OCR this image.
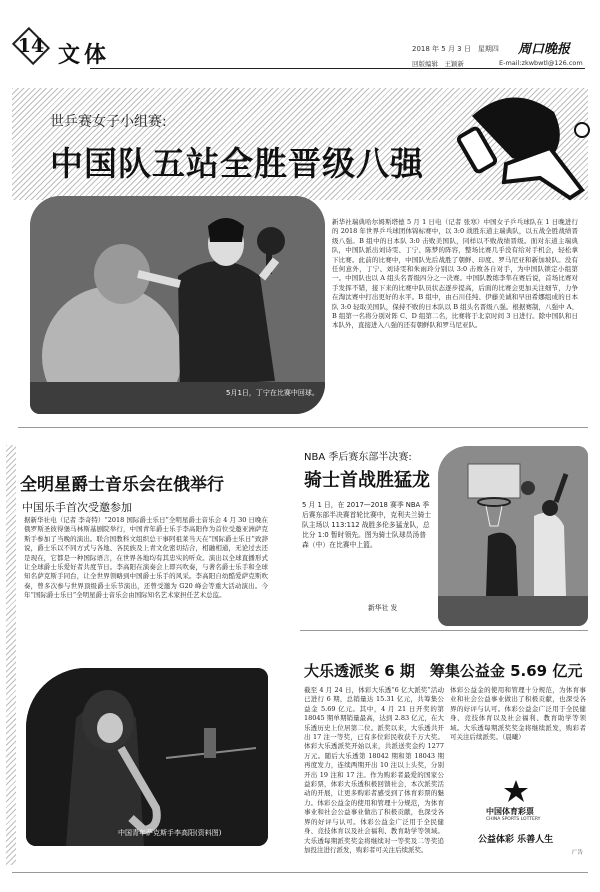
14 文体	2018 年 5 月 3 日　星期四 周口晚报
回版编辑　王颖新	E-mail:zkwbwtl@126.com
世乒赛女子小组赛:
中国队五站全胜晋级八强
5月1日，丁宁在比赛中回球。
新华社瑞典哈尔姆斯塔德 5 月 1 日电（记者 张寒）中国女子乒乓球队在 1 日晚进行的 2018 年世界乒乓球团体锦标赛中，以 3:0 战胜东道主瑞典队，以五战全胜战绩晋级八强。B 组中的日本队 3:0 击败美国队，同样以不败战绩晋级。面对东道主瑞典队，中国队派出刘诗雯、丁宁、陈梦的阵容，整场比赛几乎没有给对手机会，轻松拿下比赛。此前的比赛中，中国队先后战胜了朝鲜、印度、罗马尼亚和新加坡队。没有任何意外，丁宁、刘诗雯和朱雨玲分别以 3:0 击败各自对手，为中国队锁定小组第一。中国队也以 A 组头名晋级四分之一决赛。中国队教练李隼在赛后说，首场比赛对手发挥不错，接下来的比赛中队员状态逐步提高，后面的比赛会更加关注细节，力争在淘汰赛中打出更好的水平。B 组中，由石川佳纯、伊藤美诚和早田希娜组成的日本队 3:0 轻取美国队，保持不败的日本队以 B 组头名晋级八强。根据赛制，八强中 A、B 组第一名将分别对阵 C、D 组第二名，比赛将于北京时间 3 日进行。除中国队和日本队外，直接进入八强的还有朝鲜队和罗马尼亚队。
全明星爵士音乐会在俄举行
中国乐手首次受邀参加
据新华社电（记者 李奇特）“2018 国际爵士乐日”全明星爵士音乐会 4 月 30 日晚在俄罗斯圣彼得堡马林斯基剧院举行，中国青年爵士乐手李高阳作为首位受邀亚洲萨克斯手参加了当晚的演出。联合国教科文组织总干事阿祖莱当天在“国际爵士乐日”致辞说，爵士乐以不同方式与各地、各民族及上青文化密切结合，相融相通，无论过去还是现在，它都是一种国际语言，在世界各地均有其忠实的听众。演出以全球直播形式让全球爵士乐爱好者共度节日。李高阳在演奏会上即兴吹奏，与著名爵士乐手和全球知名萨克斯手同台，让全世界领略到中国爵士乐手的风采。李高阳自幼酷爱萨克斯吹奏，曾多次参与世界顶级爵士乐节演出，还曾受邀为 G20 峰会等重大活动演出。今年“国际爵士乐日”全明星爵士音乐会由国际知名艺术家担任艺术总监。
中国青年萨克斯手李高阳(资料图)
NBA 季后赛东部半决赛:
骑士首战胜猛龙
5 月 1 日，在 2017—2018 赛季 NBA 季后赛东部半决赛首轮比赛中，克利夫兰骑士队主场以 113:112 战胜多伦多猛龙队，总比分 1:0 暂时领先。图为骑士队球员汤普森（中）在比赛中上篮。
新华社 发
大乐透派奖 6 期　筹集公益金 5.69 亿元
截至 4 月 24 日，体彩大乐透“6 亿大派奖”活动已进行 6 期，总销量达 15.31 亿元，共筹集公益金 5.69 亿元。其中，4 月 21 日开奖的第 18045 期单期销量最高，达到 2.83 亿元，在大乐透历史上位居第二位。派奖以来，大乐透共开出 17 注一等奖，已有多位彩民收获千万大奖。体彩大乐透派奖开始以来，共派送奖金约 1277 万元。随后大乐透第 18042 期和第 18043 期再度发力，连续两期开出 10 注以上头奖，分别开出 19 注和 17 注。作为购彩者最爱的国家公益彩票，体彩大乐透积极回馈社会，本次派奖活动的开展，让更多购彩者感受到了体育彩票的魅力。体彩公益金的使用和管理十分规范，为体育事业和社会公益事业做出了积极贡献，也深受各界的好评与认可。体彩公益金广泛用于全民健身、竞技体育以及社会福利、教育助学等领域。大乐透每期派奖奖金将继续对一等奖及二等奖追加投注进行派发，购彩者可关注后续派奖。
体彩公益金的使用和管理十分规范，为体育事业和社会公益事业做出了积极贡献，也深受各界的好评与认可。体彩公益金广泛用于全民健身、竞技体育以及社会福利、教育助学等领域。大乐透每期派奖奖金将继续派发，购彩者可关注后续派奖。（晨曦）
中国体育彩票
CHINA SPORTS LOTTERY
公益体彩 乐善人生
广告
